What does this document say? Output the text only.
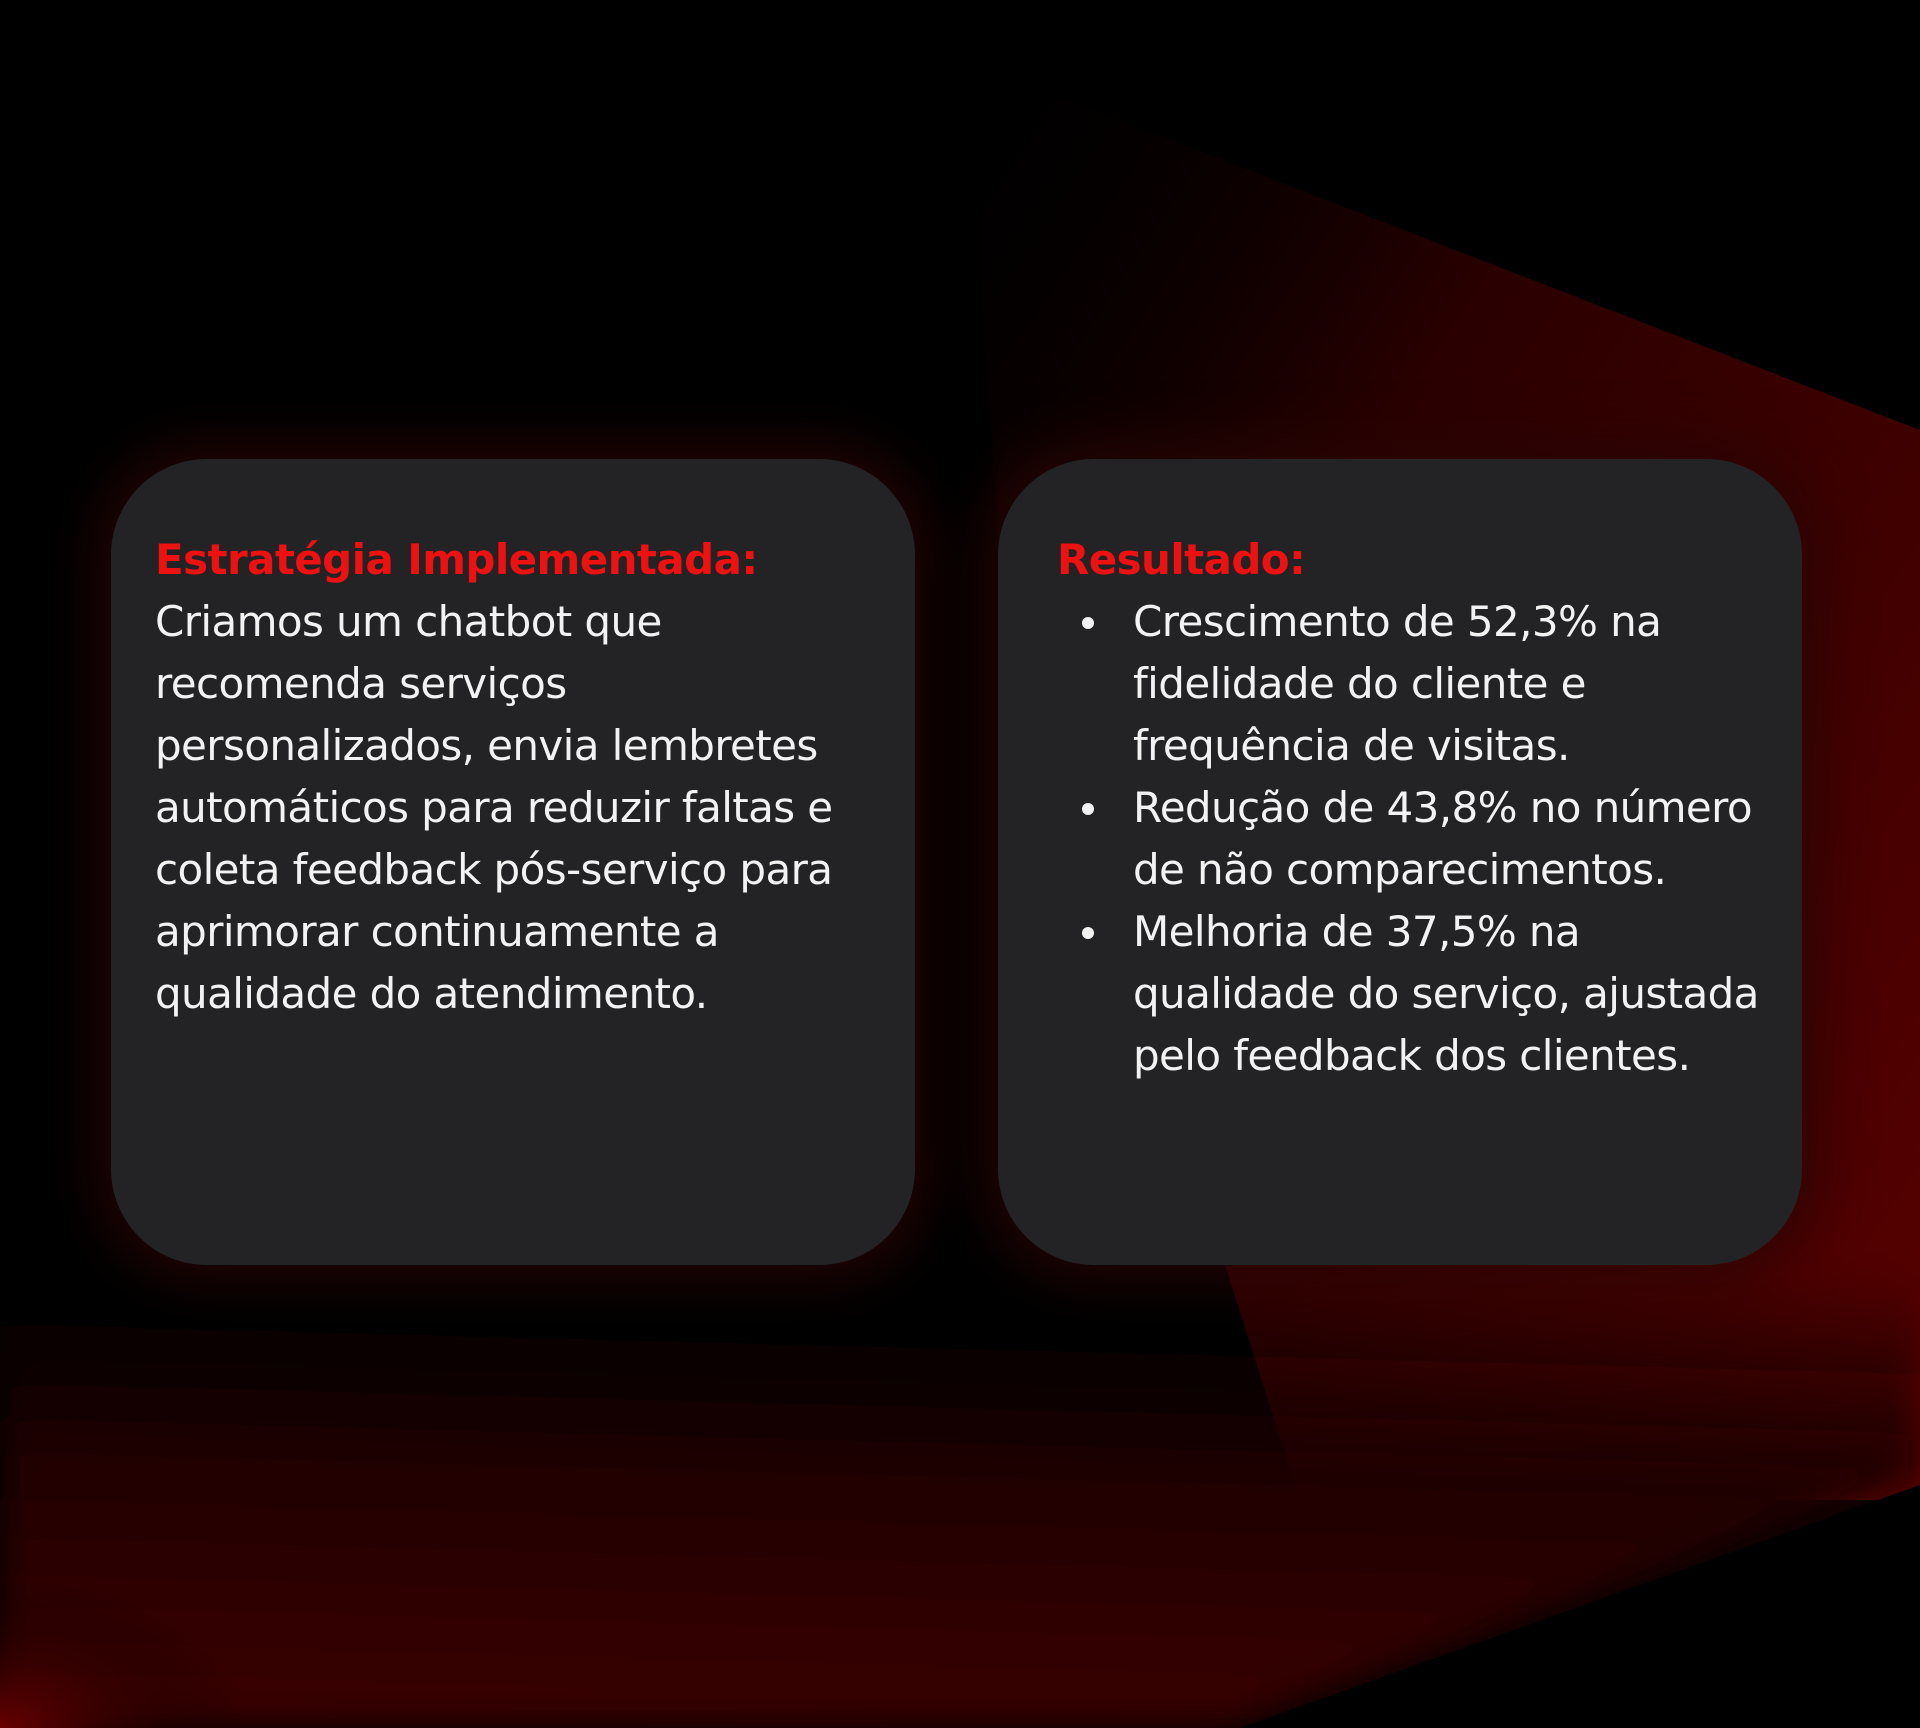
Estratégia Implementada: Criamos um chatbot que recomenda serviços personalizados, envia lembretes automáticos para reduzir faltas e coleta feedback pós-serviço para aprimorar continuamente a qualidade do atendimento.

Resultado:

Crescimento de 52,3% na fidelidade do cliente e frequência de visitas.
Redução de 43,8% no número de não comparecimentos.
Melhoria de 37,5% na qualidade do serviço, ajustada pelo feedback dos clientes.
